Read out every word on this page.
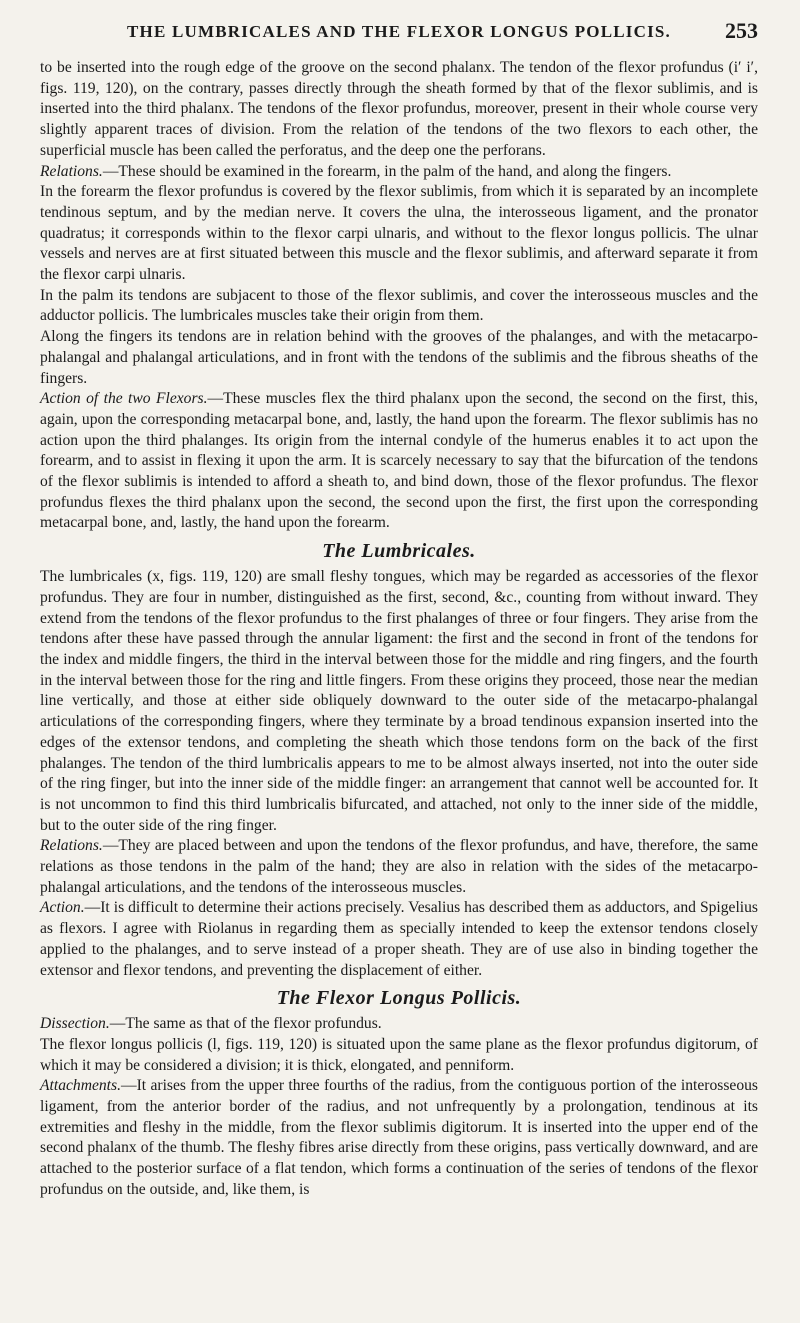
THE LUMBRICALES AND THE FLEXOR LONGUS POLLICIS.	253

to be inserted into the rough edge of the groove on the second phalanx. The tendon of the flexor profundus (i′ i′, figs. 119, 120), on the contrary, passes directly through the sheath formed by that of the flexor sublimis, and is inserted into the third phalanx. The tendons of the flexor profundus, moreover, present in their whole course very slightly apparent traces of division. From the relation of the tendons of the two flexors to each other, the superficial muscle has been called the perforatus, and the deep one the perforans.

Relations.—These should be examined in the forearm, in the palm of the hand, and along the fingers.

In the forearm the flexor profundus is covered by the flexor sublimis, from which it is separated by an incomplete tendinous septum, and by the median nerve. It covers the ulna, the interosseous ligament, and the pronator quadratus; it corresponds within to the flexor carpi ulnaris, and without to the flexor longus pollicis. The ulnar vessels and nerves are at first situated between this muscle and the flexor sublimis, and afterward separate it from the flexor carpi ulnaris.

In the palm its tendons are subjacent to those of the flexor sublimis, and cover the interosseous muscles and the adductor pollicis. The lumbricales muscles take their origin from them.

Along the fingers its tendons are in relation behind with the grooves of the phalanges, and with the metacarpo-phalangal and phalangal articulations, and in front with the tendons of the sublimis and the fibrous sheaths of the fingers.

Action of the two Flexors.—These muscles flex the third phalanx upon the second, the second on the first, this, again, upon the corresponding metacarpal bone, and, lastly, the hand upon the forearm. The flexor sublimis has no action upon the third phalanges. Its origin from the internal condyle of the humerus enables it to act upon the forearm, and to assist in flexing it upon the arm. It is scarcely necessary to say that the bifurcation of the tendons of the flexor sublimis is intended to afford a sheath to, and bind down, those of the flexor profundus. The flexor profundus flexes the third phalanx upon the second, the second upon the first, the first upon the corresponding metacarpal bone, and, lastly, the hand upon the forearm.

The Lumbricales.

The lumbricales (x, figs. 119, 120) are small fleshy tongues, which may be regarded as accessories of the flexor profundus. They are four in number, distinguished as the first, second, &c., counting from without inward. They extend from the tendons of the flexor profundus to the first phalanges of three or four fingers. They arise from the tendons after these have passed through the annular ligament: the first and the second in front of the tendons for the index and middle fingers, the third in the interval between those for the middle and ring fingers, and the fourth in the interval between those for the ring and little fingers. From these origins they proceed, those near the median line vertically, and those at either side obliquely downward to the outer side of the metacarpo-phalangal articulations of the corresponding fingers, where they terminate by a broad tendinous expansion inserted into the edges of the extensor tendons, and completing the sheath which those tendons form on the back of the first phalanges. The tendon of the third lumbricalis appears to me to be almost always inserted, not into the outer side of the ring finger, but into the inner side of the middle finger: an arrangement that cannot well be accounted for. It is not uncommon to find this third lumbricalis bifurcated, and attached, not only to the inner side of the middle, but to the outer side of the ring finger.

Relations.—They are placed between and upon the tendons of the flexor profundus, and have, therefore, the same relations as those tendons in the palm of the hand; they are also in relation with the sides of the metacarpo-phalangal articulations, and the tendons of the interosseous muscles.

Action.—It is difficult to determine their actions precisely. Vesalius has described them as adductors, and Spigelius as flexors. I agree with Riolanus in regarding them as specially intended to keep the extensor tendons closely applied to the phalanges, and to serve instead of a proper sheath. They are of use also in binding together the extensor and flexor tendons, and preventing the displacement of either.

The Flexor Longus Pollicis.

Dissection.—The same as that of the flexor profundus.

The flexor longus pollicis (l, figs. 119, 120) is situated upon the same plane as the flexor profundus digitorum, of which it may be considered a division; it is thick, elongated, and penniform.

Attachments.—It arises from the upper three fourths of the radius, from the contiguous portion of the interosseous ligament, from the anterior border of the radius, and not unfrequently by a prolongation, tendinous at its extremities and fleshy in the middle, from the flexor sublimis digitorum. It is inserted into the upper end of the second phalanx of the thumb. The fleshy fibres arise directly from these origins, pass vertically downward, and are attached to the posterior surface of a flat tendon, which forms a continuation of the series of tendons of the flexor profundus on the outside, and, like them, is
